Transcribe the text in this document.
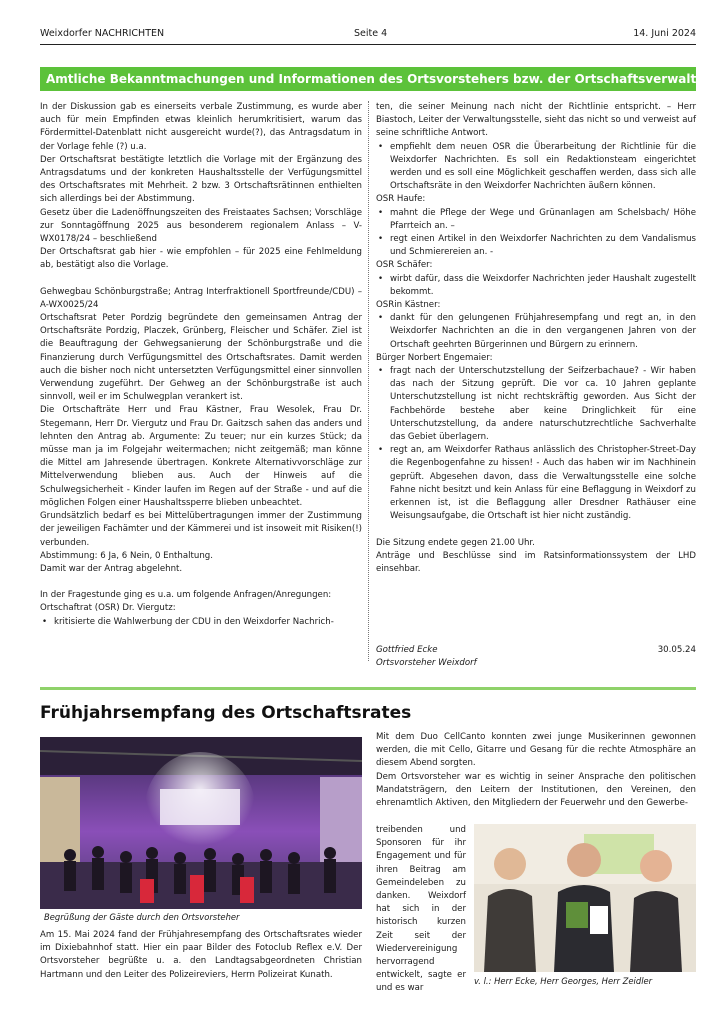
Weixdorfer NACHRICHTEN	Seite 4	14. Juni 2024
Amtliche Bekanntmachungen und Informationen des Ortsvorstehers bzw. der Ortschaftsverwaltung

In der Diskussion gab es einerseits verbale Zustimmung, es wurde aber auch für mein Empfinden etwas kleinlich herumkritisiert, warum das Fördermittel-Datenblatt nicht ausgereicht wurde(?), das Antragsdatum in der Vorlage fehle (?) u.a.

Der Ortschaftsrat bestätigte letztlich die Vorlage mit der Ergänzung des Antragsdatums und der konkreten Haushaltsstelle der Verfügungsmittel des Ortschaftsrates mit Mehrheit. 2 bzw. 3 Ortschaftsrätinnen enthielten sich allerdings bei der Abstimmung.

Gesetz über die Ladenöffnungszeiten des Freistaates Sachsen; Vorschläge zur Sonntagöffnung 2025 aus besonderem regionalem Anlass – V-WX0178/24 – beschließend

Der Ortschaftsrat gab hier - wie empfohlen – für 2025 eine Fehlmeldung ab, bestätigt also die Vorlage.

Gehwegbau Schönburgstraße; Antrag Interfraktionell Sportfreunde/CDU) – A-WX0025/24

Ortschaftsrat Peter Pordzig begründete den gemeinsamen Antrag der Ortschaftsräte Pordzig, Placzek, Grünberg, Fleischer und Schäfer. Ziel ist die Beauftragung der Gehwegsanierung der Schönburgstraße und die Finanzierung durch Verfügungsmittel des Ortschaftsrates. Damit werden auch die bisher noch nicht untersetzten Verfügungsmittel einer sinnvollen Verwendung zugeführt. Der Gehweg an der Schönburgstraße ist auch sinnvoll, weil er im Schulwegplan verankert ist.

Die Ortschafträte Herr und Frau Kästner, Frau Wesolek, Frau Dr. Stegemann, Herr Dr. Viergutz und Frau Dr. Gaitzsch sahen das anders und lehnten den Antrag ab. Argumente: Zu teuer; nur ein kurzes Stück; da müsse man ja im Folgejahr weitermachen; nicht zeitgemäß; man könne die Mittel am Jahresende übertragen. Konkrete Alternativvorschläge zur Mittelverwendung blieben aus. Auch der Hinweis auf die Schulwegsicherheit - Kinder laufen im Regen auf der Straße - und auf die möglichen Folgen einer Haushaltssperre blieben unbeachtet.

Grundsätzlich bedarf es bei Mittelübertragungen immer der Zustimmung der jeweiligen Fachämter und der Kämmerei und ist insoweit mit Risiken(!) verbunden.

Abstimmung: 6 Ja, 6 Nein, 0 Enthaltung.

Damit war der Antrag abgelehnt.

In der Fragestunde ging es u.a. um folgende Anfragen/Anregungen:

Ortschaftrat (OSR) Dr. Viergutz:

• kritisierte die Wahlwerbung der CDU in den Weixdorfer Nachrich-

ten, die seiner Meinung nach nicht der Richtlinie entspricht. – Herr Biastoch, Leiter der Verwaltungsstelle, sieht das nicht so und verweist auf seine schriftliche Antwort.

• empfiehlt dem neuen OSR die Überarbeitung der Richtlinie für die Weixdorfer Nachrichten. Es soll ein Redaktionsteam eingerichtet werden und es soll eine Möglichkeit geschaffen werden, dass sich alle Ortschaftsräte in den Weixdorfer Nachrichten äußern können.

OSR Haufe:

• mahnt die Pflege der Wege und Grünanlagen am Schelsbach/ Höhe Pfarrteich an. –

• regt einen Artikel in den Weixdorfer Nachrichten zu dem Vandalismus und Schmierereien an. -

OSR Schäfer:

• wirbt dafür, dass die Weixdorfer Nachrichten jeder Haushalt zugestellt bekommt.

OSRin Kästner:

• dankt für den gelungenen Frühjahresempfang und regt an, in den Weixdorfer Nachrichten an die in den vergangenen Jahren von der Ortschaft geehrten Bürgerinnen und Bürgern zu erinnern.

Bürger Norbert Engemaier:

• fragt nach der Unterschutzstellung der Seifzerbachaue? - Wir haben das nach der Sitzung geprüft. Die vor ca. 10 Jahren geplante Unterschutzstellung ist nicht rechtskräftig geworden. Aus Sicht der Fachbehörde bestehe aber keine Dringlichkeit für eine Unterschutzstellung, da andere naturschutzrechtliche Sachverhalte das Gebiet überlagern.

• regt an, am Weixdorfer Rathaus anlässlich des Christopher-Street-Day die Regenbogenfahne zu hissen! - Auch das haben wir im Nachhinein geprüft. Abgesehen davon, dass die Verwaltungsstelle eine solche Fahne nicht besitzt und kein Anlass für eine Beflaggung in Weixdorf zu erkennen ist, ist die Beflaggung aller Dresdner Rathäuser eine Weisungsaufgabe, die Ortschaft ist hier nicht zuständig.

Die Sitzung endete gegen 21.00 Uhr.

Anträge und Beschlüsse sind im Ratsinformationssystem der LHD einsehbar.

Gottfried Ecke
Ortsvorsteher Weixdorf
30.05.24
Frühjahrsempfang des Ortschaftsrates
Begrüßung der Gäste durch den Ortsvorsteher
Am 15. Mai 2024 fand der Frühjahresempfang des Ortschaftsrates wieder im Dixiebahnhof statt. Hier ein paar Bilder des Fotoclub Reflex e.V. Der Ortsvorsteher begrüßte u. a. den Landtagsabgeordneten Christian Hartmann und den Leiter des Polizeireviers, Herrn Polizeirat Kunath.

Mit dem Duo CellCanto konnten zwei junge Musikerinnen gewonnen werden, die mit Cello, Gitarre und Gesang für die rechte Atmosphäre an diesem Abend sorgten.

Dem Ortsvorsteher war es wichtig in seiner Ansprache den politischen Mandatsträgern, den Leitern der Institutionen, den Vereinen, den ehrenamtlich Aktiven, den Mitgliedern der Feuerwehr und den Gewerbe-

treibenden und Sponsoren für ihr Engagement und für ihren Beitrag am Gemeindeleben zu danken. Weixdorf hat sich in der historisch kurzen Zeit seit der Wiedervereinigung hervorragend entwickelt, sagte er und es war
v. l.: Herr Ecke, Herr Georges, Herr Zeidler
